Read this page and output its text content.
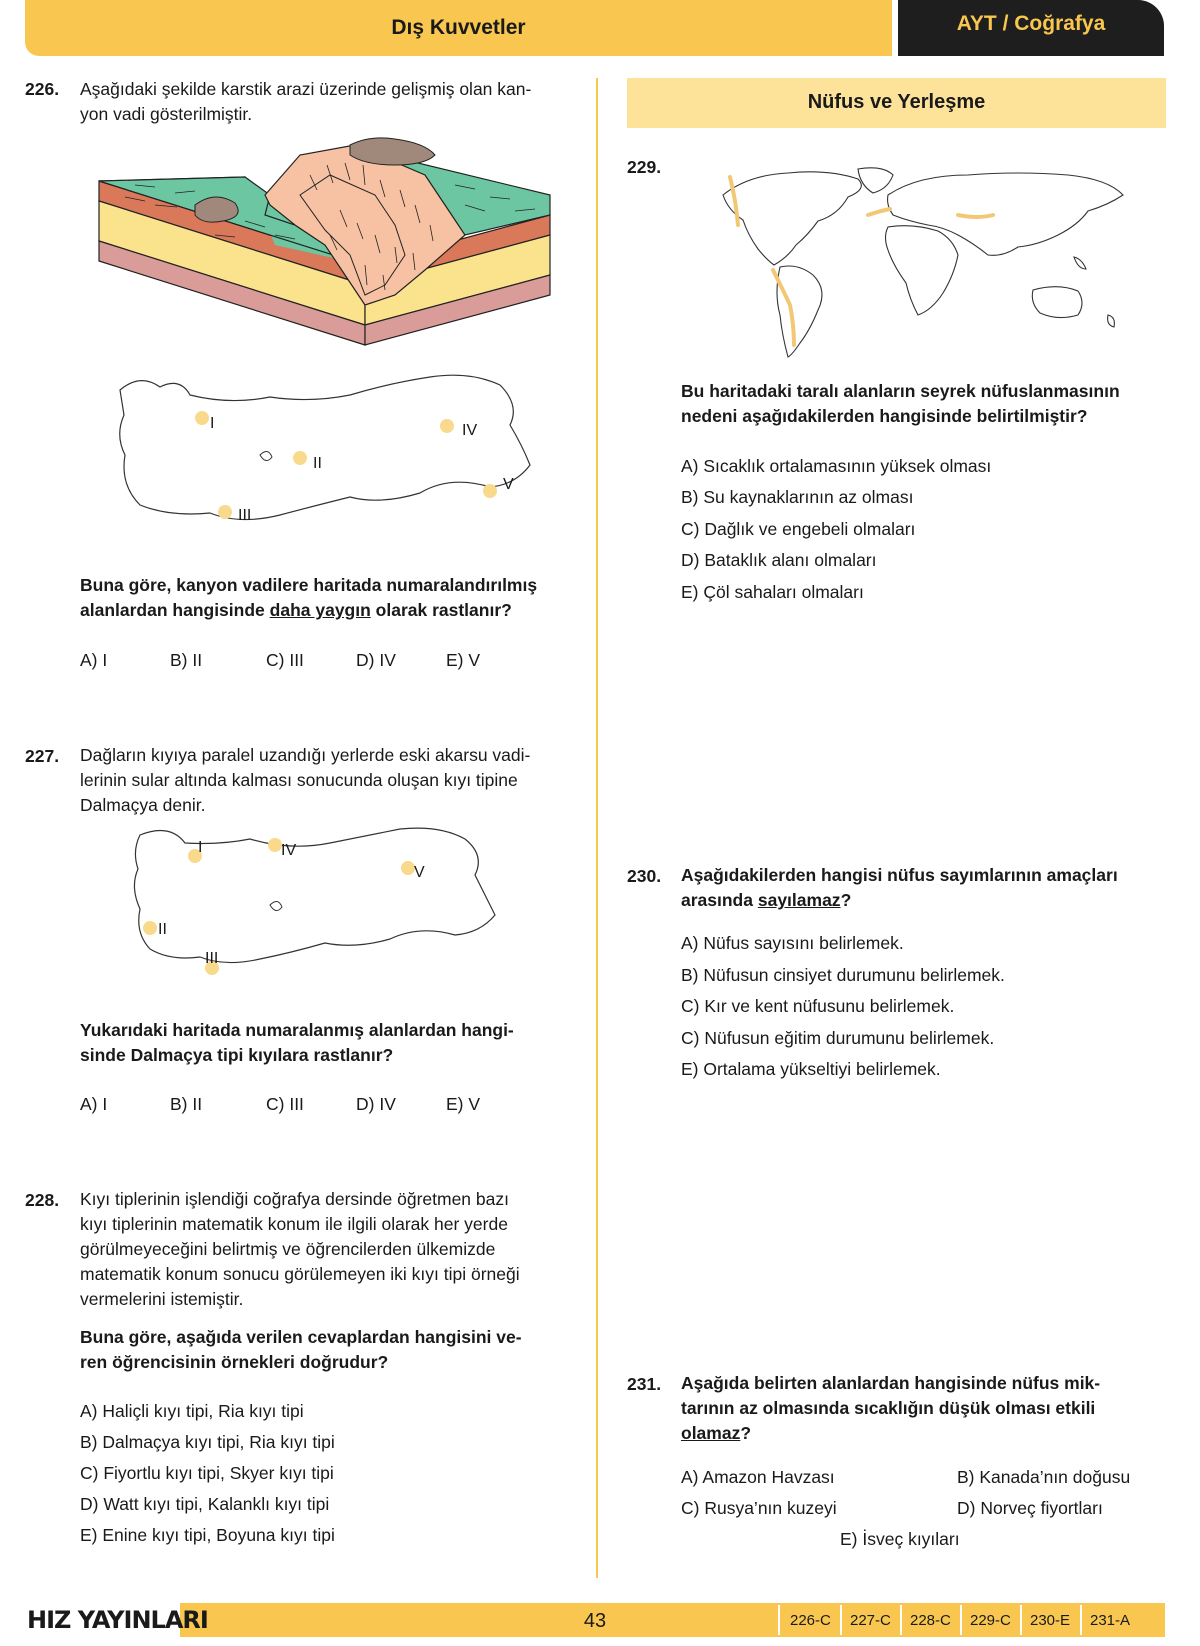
Dış Kuvvetler	AYT / Coğrafya
226. Aşağıdaki şekilde karstik arazi üzerinde gelişmiş olan kan-
yon vadi gösterilmiştir.
I
II
III
IV
V
Buna göre, kanyon vadilere haritada numaralandırılmış
alanlardan hangisinde daha yaygın olarak rastlanır?
A) I	B) II	C) III	D) IV	E) V
227. Dağların kıyıya paralel uzandığı yerlerde eski akarsu vadi-
lerinin sular altında kalması sonucunda oluşan kıyı tipine
Dalmaçya denir.
I
II
III
IV
V
Yukarıdaki haritada numaralanmış alanlardan hangi-
sinde Dalmaçya tipi kıyılara rastlanır?
A) I	B) II	C) III	D) IV	E) V
228. Kıyı tiplerinin işlendiği coğrafya dersinde öğretmen bazı
kıyı tiplerinin matematik konum ile ilgili olarak her yerde
görülmeyeceğini belirtmiş ve öğrencilerden ülkemizde
matematik konum sonucu görülemeyen iki kıyı tipi örneği
vermelerini istemiştir.
Buna göre, aşağıda verilen cevaplardan hangisini ve-
ren öğrencisinin örnekleri doğrudur?
A) Haliçli kıyı tipi, Ria kıyı tipi
B) Dalmaçya kıyı tipi, Ria kıyı tipi
C) Fiyortlu kıyı tipi, Skyer kıyı tipi
D) Watt kıyı tipi, Kalanklı kıyı tipi
E) Enine kıyı tipi, Boyuna kıyı tipi
Nüfus ve Yerleşme
229.
Bu haritadaki taralı alanların seyrek nüfuslanmasının
nedeni aşağıdakilerden hangisinde belirtilmiştir?
A) Sıcaklık ortalamasının yüksek olması
B) Su kaynaklarının az olması
C) Dağlık ve engebeli olmaları
D) Bataklık alanı olmaları
E) Çöl sahaları olmaları
230. Aşağıdakilerden hangisi nüfus sayımlarının amaçları
arasında sayılamaz?
A) Nüfus sayısını belirlemek.
B) Nüfusun cinsiyet durumunu belirlemek.
C) Kır ve kent nüfusunu belirlemek.
C) Nüfusun eğitim durumunu belirlemek.
E) Ortalama yükseltiyi belirlemek.
231. Aşağıda belirten alanlardan hangisinde nüfus mik-
tarının az olmasında sıcaklığın düşük olması etkili
olamaz?
A) Amazon Havzası	B) Kanada’nın doğusu
C) Rusya’nın kuzeyi	D) Norveç fiyortları
E) İsveç kıyıları
HIZ YAYINLARI	43	226-C 227-C 228-C 229-C 230-E 231-A
